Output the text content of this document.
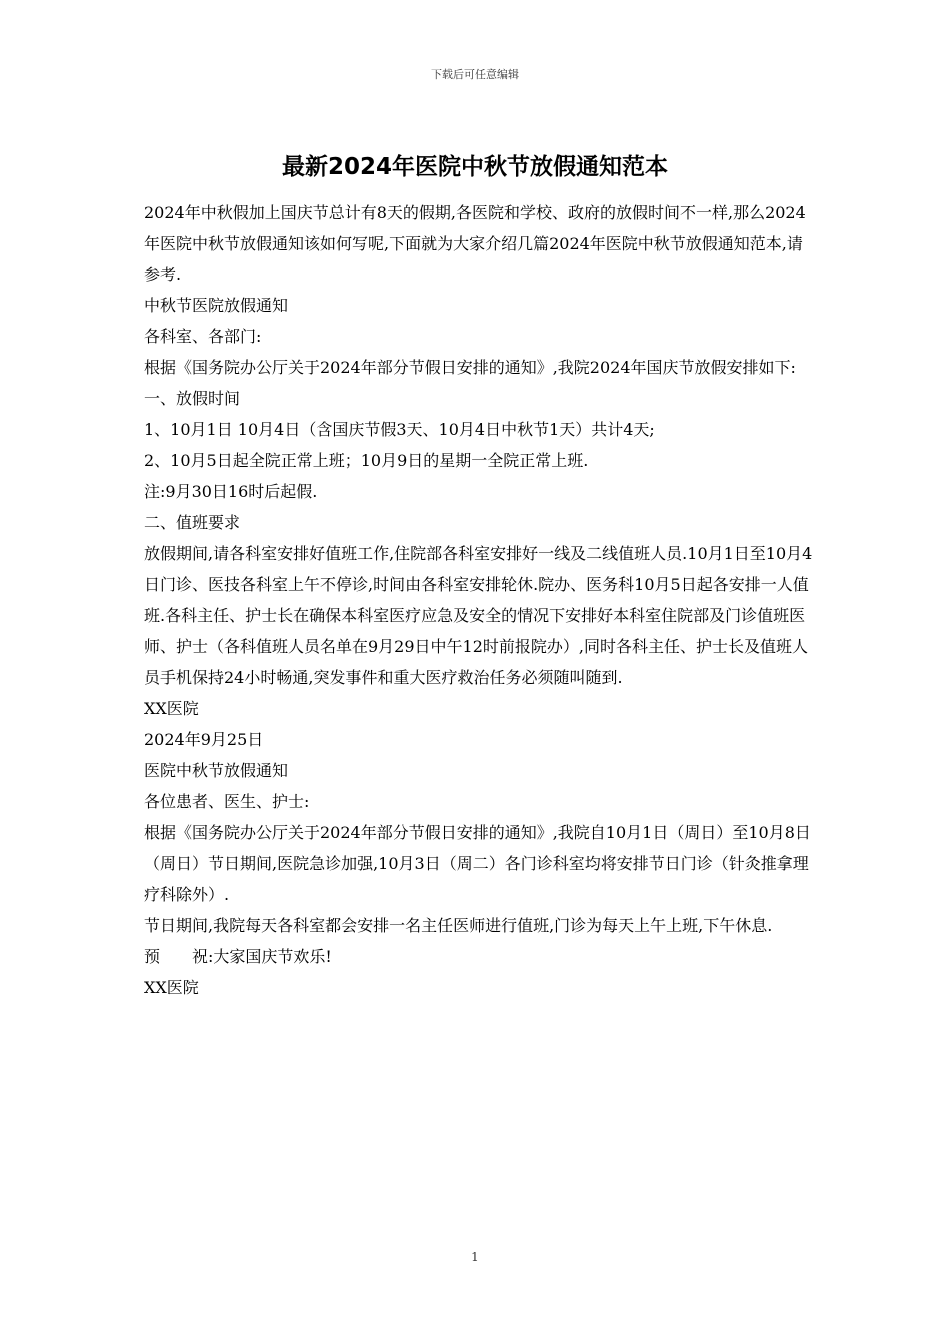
下载后可任意编辑
最新2024年医院中秋节放假通知范本

2024年中秋假加上国庆节总计有8天的假期,各医院和学校、政府的放假时间不一样,那么2024年医院中秋节放假通知该如何写呢,下面就为大家介绍几篇2024年医院中秋节放假通知范本,请参考.

中秋节医院放假通知

各科室、各部门:

根据《国务院办公厅关于2024年部分节假日安排的通知》,我院2024年国庆节放假安排如下:

一、放假时间

1、10月1日 10月4日（含国庆节假3天、10月4日中秋节1天）共计4天;

2、10月5日起全院正常上班；10月9日的星期一全院正常上班.

注:9月30日16时后起假.

二、值班要求

放假期间,请各科室安排好值班工作,住院部各科室安排好一线及二线值班人员.10月1日至10月4日门诊、医技各科室上午不停诊,时间由各科室安排轮休.院办、医务科10月5日起各安排一人值班.各科主任、护士长在确保本科室医疗应急及安全的情况下安排好本科室住院部及门诊值班医师、护士（各科值班人员名单在9月29日中午12时前报院办）,同时各科主任、护士长及值班人员手机保持24小时畅通,突发事件和重大医疗救治任务必须随叫随到.

XX医院

2024年9月25日

医院中秋节放假通知

各位患者、医生、护士:

根据《国务院办公厅关于2024年部分节假日安排的通知》,我院自10月1日（周日）至10月8日（周日）节日期间,医院急诊加强,10月3日（周二）各门诊科室均将安排节日门诊（针灸推拿理疗科除外）.

节日期间,我院每天各科室都会安排一名主任医师进行值班,门诊为每天上午上班,下午休息.

预　　祝:大家国庆节欢乐!

XX医院

1
